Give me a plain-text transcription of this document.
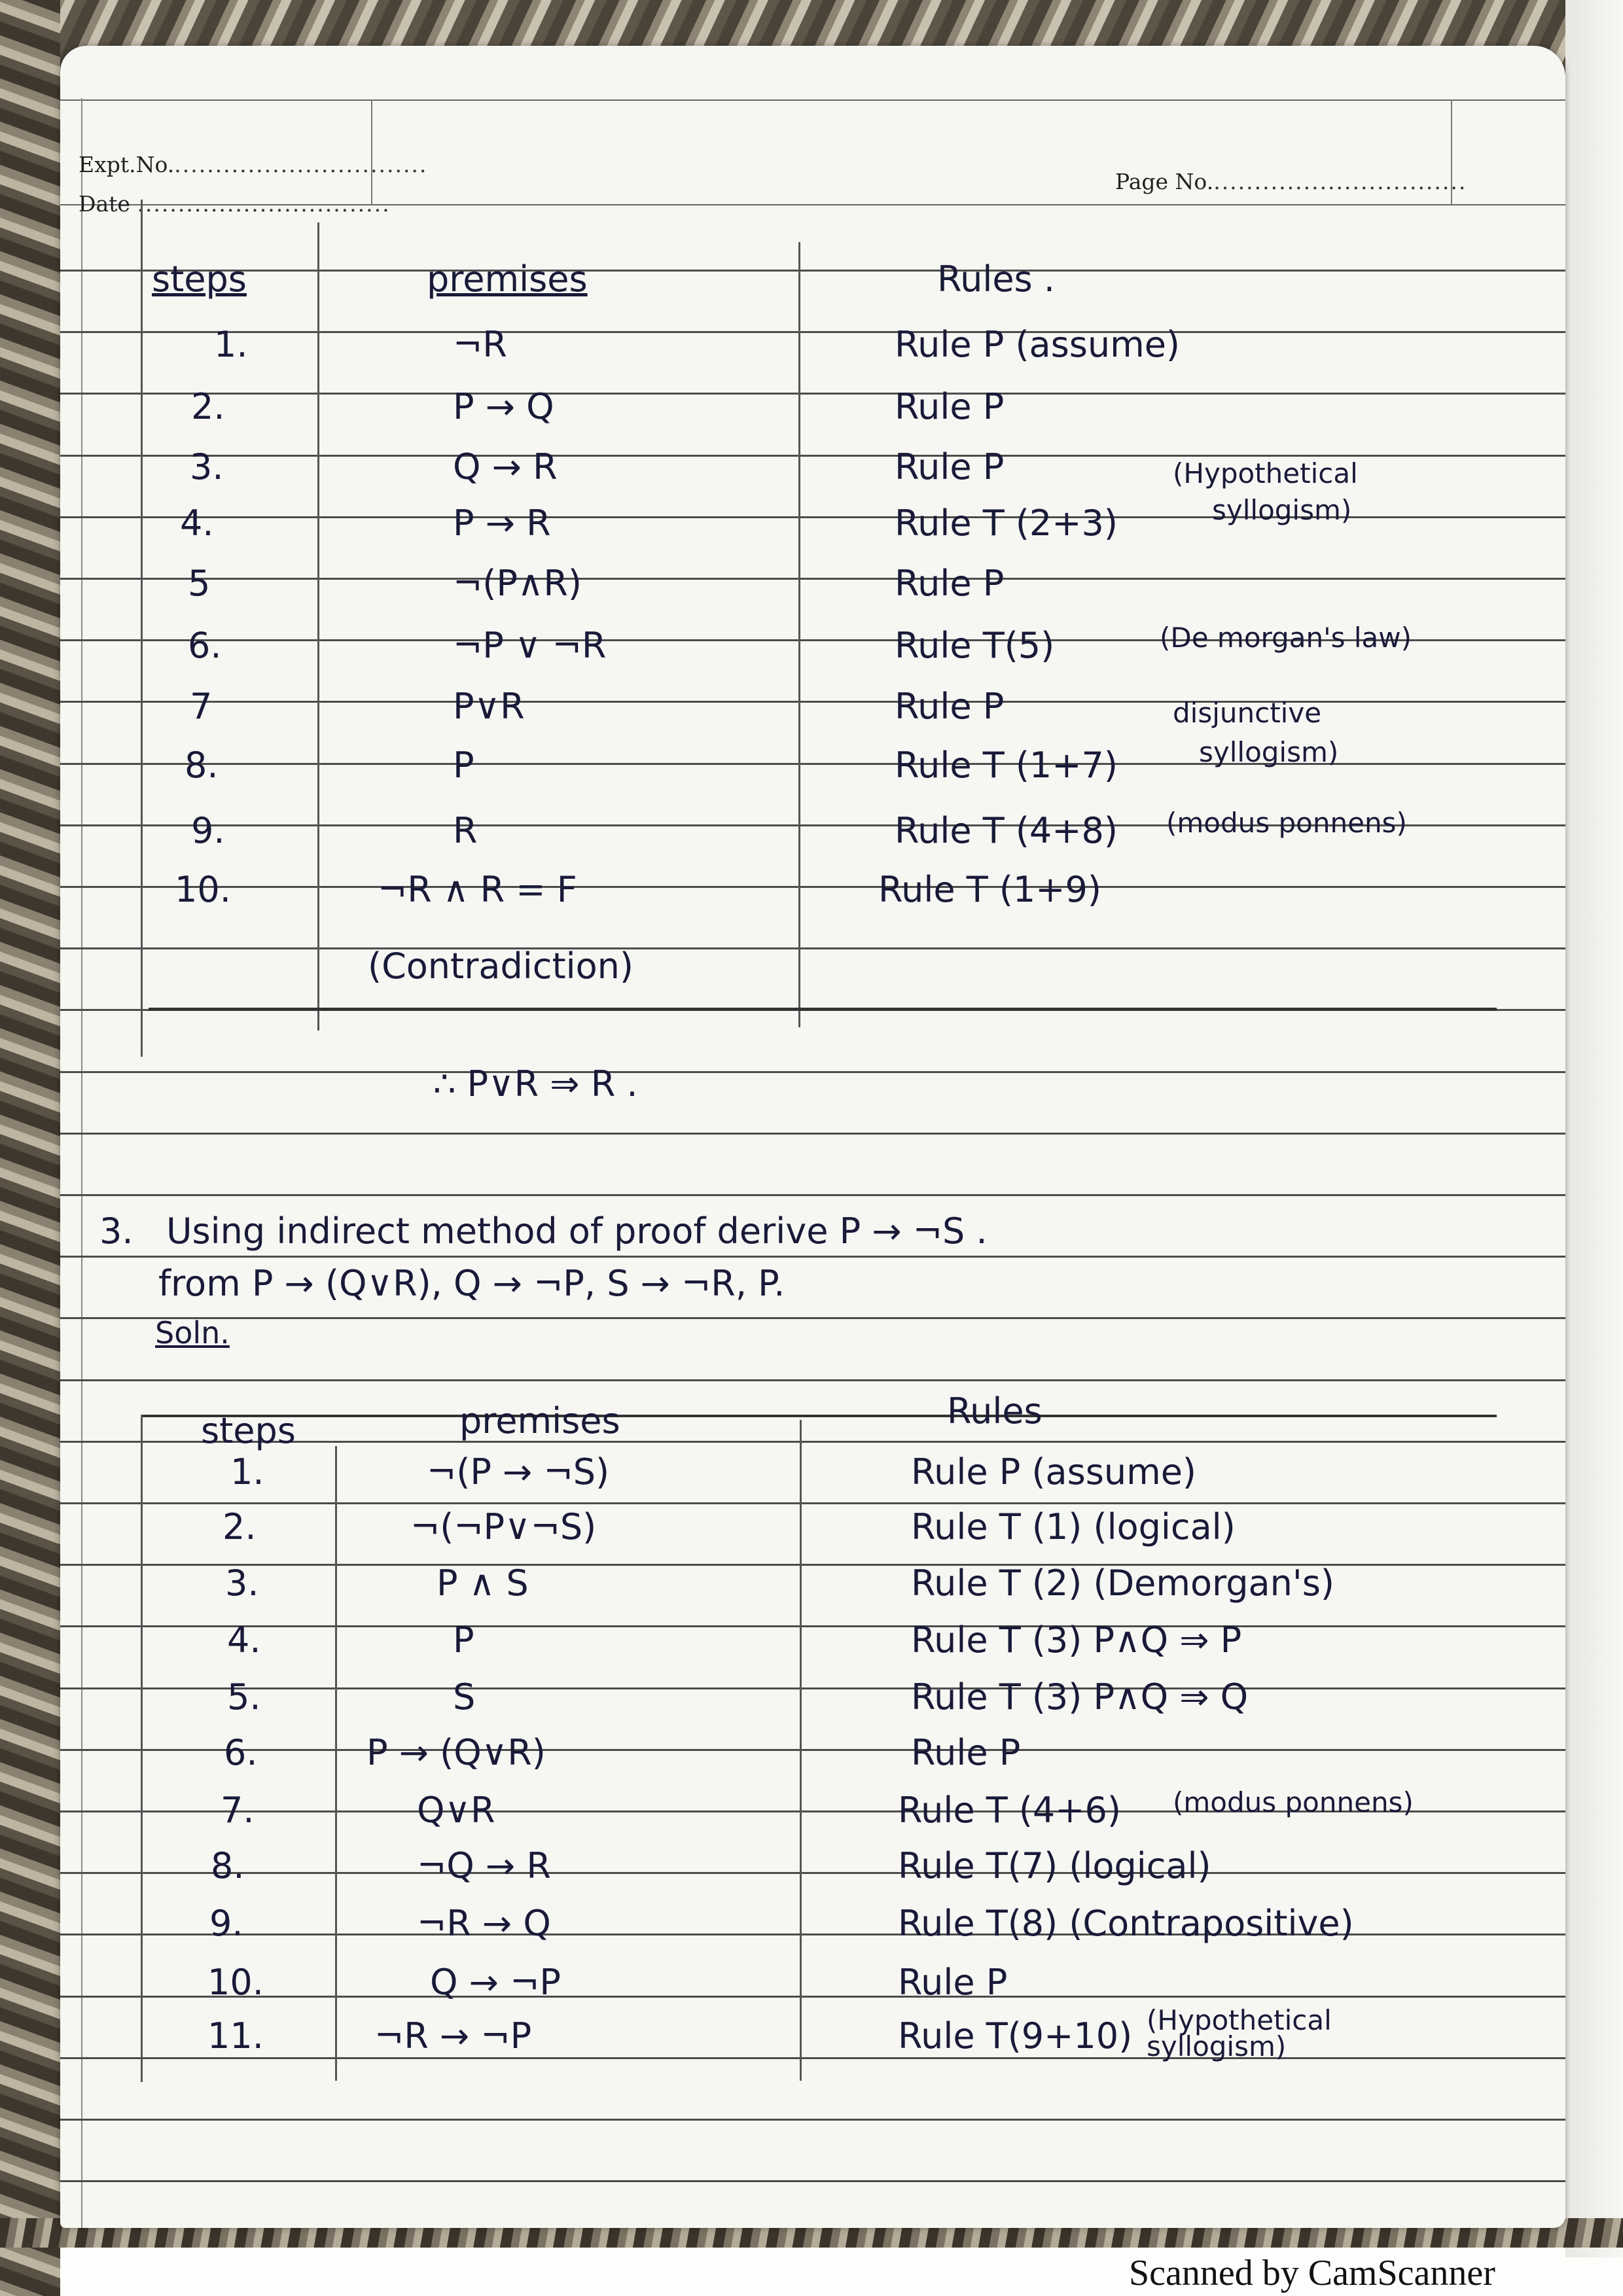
Expt.No................................
Date ...............................
Page No................................
steps	premises	Rules .
1.	¬R	Rule P (assume)
2.	P → Q	Rule P
3.	Q → R	Rule P	(Hypothetical
4.	P → R	Rule T (2+3)	syllogism)
5	¬(P∧R)	Rule P
6.	¬P ∨ ¬R	Rule T(5)	(De morgan's law)
7	P∨R	Rule P	disjunctive
8.	P	Rule T (1+7)	syllogism)
9.	R	Rule T (4+8) (modus ponnens)
10.	¬R ∧ R = F	Rule T (1+9)
(Contradiction)
∴ P∨R ⇒ R .
3. Using indirect method of proof derive P → ¬S .
from P → (Q∨R), Q → ¬P, S → ¬R, P.
Soln.
steps	premises	Rules
1.	¬(P → ¬S)	Rule P (assume)
2.	¬(¬P∨¬S)	Rule T (1) (logical)
3.	P ∧ S	Rule T (2) (Demorgan's)
4.	P	Rule T (3) P∧Q ⇒ P
5.	S	Rule T (3) P∧Q ⇒ Q
6.	P → (Q∨R)	Rule P
7.	Q∨R	Rule T (4+6) (modus ponnens)
8.	¬Q → R	Rule T(7) (logical)
9.	¬R → Q	Rule T(8) (Contrapositive)
10.	Q → ¬P	Rule P
11.	¬R → ¬P	Rule T(9+10) (Hypothetical syllogism)
Scanned by CamScanner
